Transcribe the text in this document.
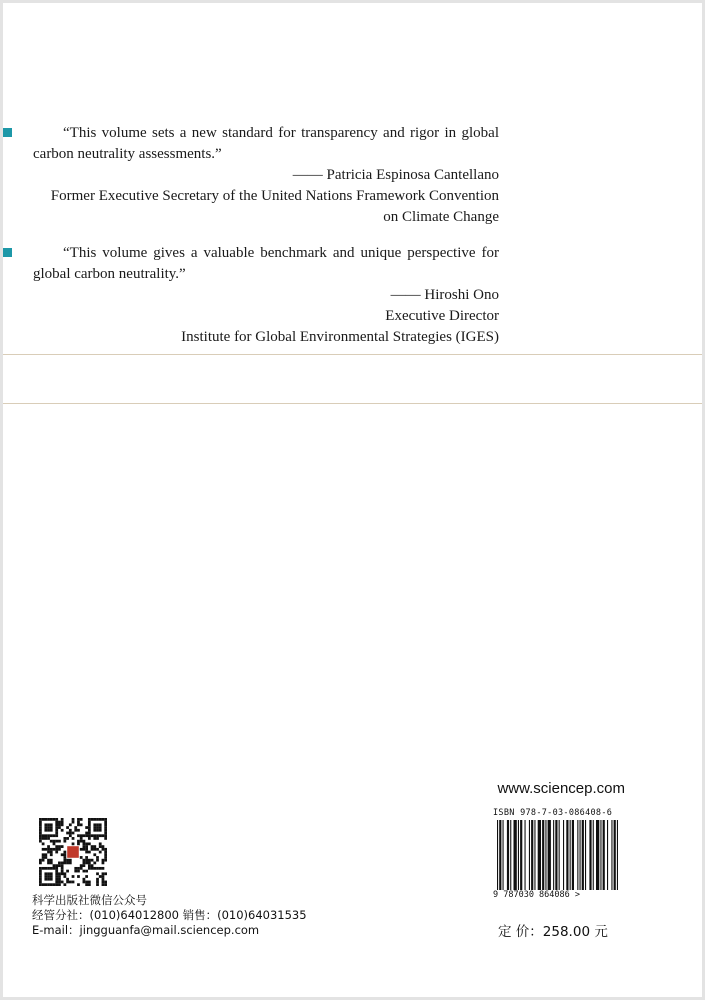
“This volume sets a new standard for transparency and rigor in global carbon neutrality assessments.”

—— Patricia Espinosa Cantellano

Former Executive Secretary of the United Nations Framework Convention on Climate Change

“This volume gives a valuable benchmark and unique perspective for global carbon neutrality.”

—— Hiroshi Ono

Executive Director

Institute for Global Environmental Strategies (IGES)

科学出版社微信公众号
经管分社：(010)64012800 销售：(010)64031535
E-mail：jingguanfa@mail.sciencep.com
www.sciencep.com
ISBN 978-7-03-086408-6
9 787030 864086 >
定 价：258.00 元
